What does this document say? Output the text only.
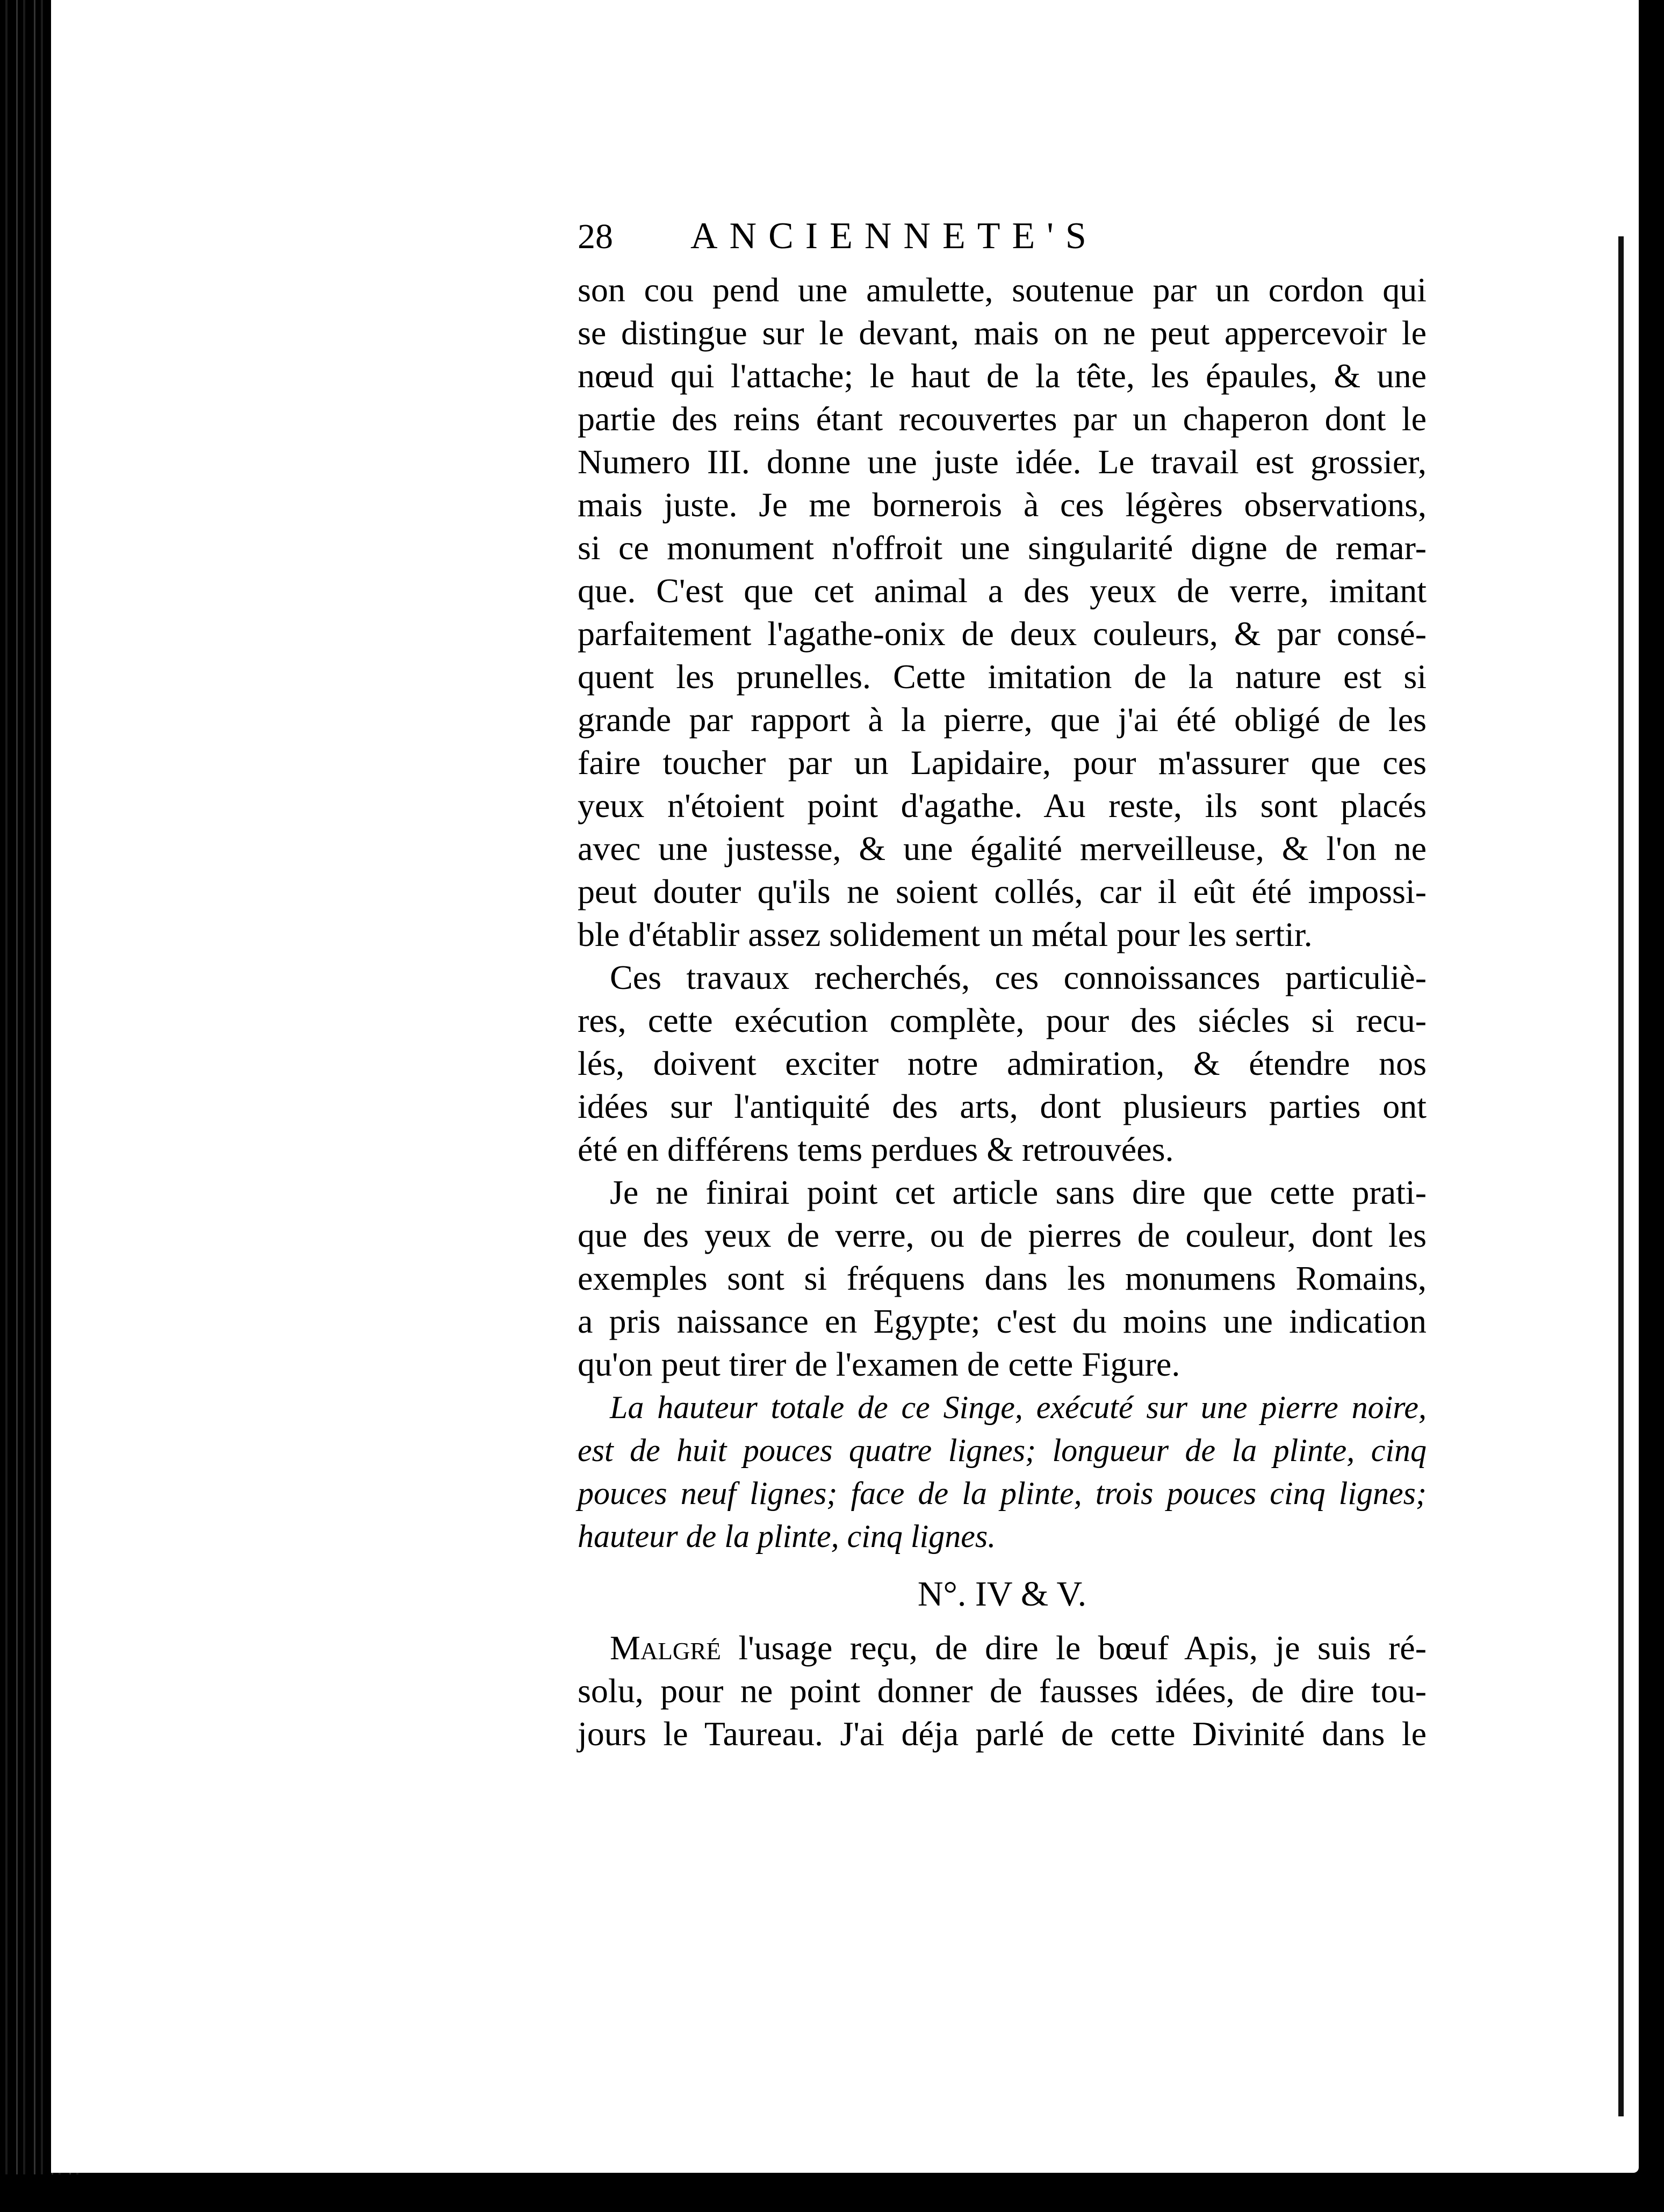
28	ANCIENNETE'S
son cou pend une amulette, soutenue par un cordon qui
se distingue sur le devant, mais on ne peut appercevoir le
nœud qui l'attache; le haut de la tête, les épaules, & une
partie des reins étant recouvertes par un chaperon dont le
Numero III. donne une juste idée. Le travail est grossier,
mais juste. Je me bornerois à ces légères observations,
si ce monument n'offroit une singularité digne de remar-
que. C'est que cet animal a des yeux de verre, imitant
parfaitement l'agathe-onix de deux couleurs, & par consé-
quent les prunelles. Cette imitation de la nature est si
grande par rapport à la pierre, que j'ai été obligé de les
faire toucher par un Lapidaire, pour m'assurer que ces
yeux n'étoient point d'agathe. Au reste, ils sont placés
avec une justesse, & une égalité merveilleuse, & l'on ne
peut douter qu'ils ne soient collés, car il eût été impossi-
ble d'établir assez solidement un métal pour les sertir.
Ces travaux recherchés, ces connoissances particuliè-
res, cette exécution complète, pour des siécles si recu-
lés, doivent exciter notre admiration, & étendre nos
idées sur l'antiquité des arts, dont plusieurs parties ont
été en différens tems perdues & retrouvées.
Je ne finirai point cet article sans dire que cette prati-
que des yeux de verre, ou de pierres de couleur, dont les
exemples sont si fréquens dans les monumens Romains,
a pris naissance en Egypte; c'est du moins une indication
qu'on peut tirer de l'examen de cette Figure.
La hauteur totale de ce Singe, exécuté sur une pierre noire,
est de huit pouces quatre lignes; longueur de la plinte, cinq
pouces neuf lignes; face de la plinte, trois pouces cinq lignes;
hauteur de la plinte, cinq lignes.
N°. IV & V.
Malgré l'usage reçu, de dire le bœuf Apis, je suis ré-
solu, pour ne point donner de fausses idées, de dire tou-
jours le Taureau. J'ai déja parlé de cette Divinité dans le
